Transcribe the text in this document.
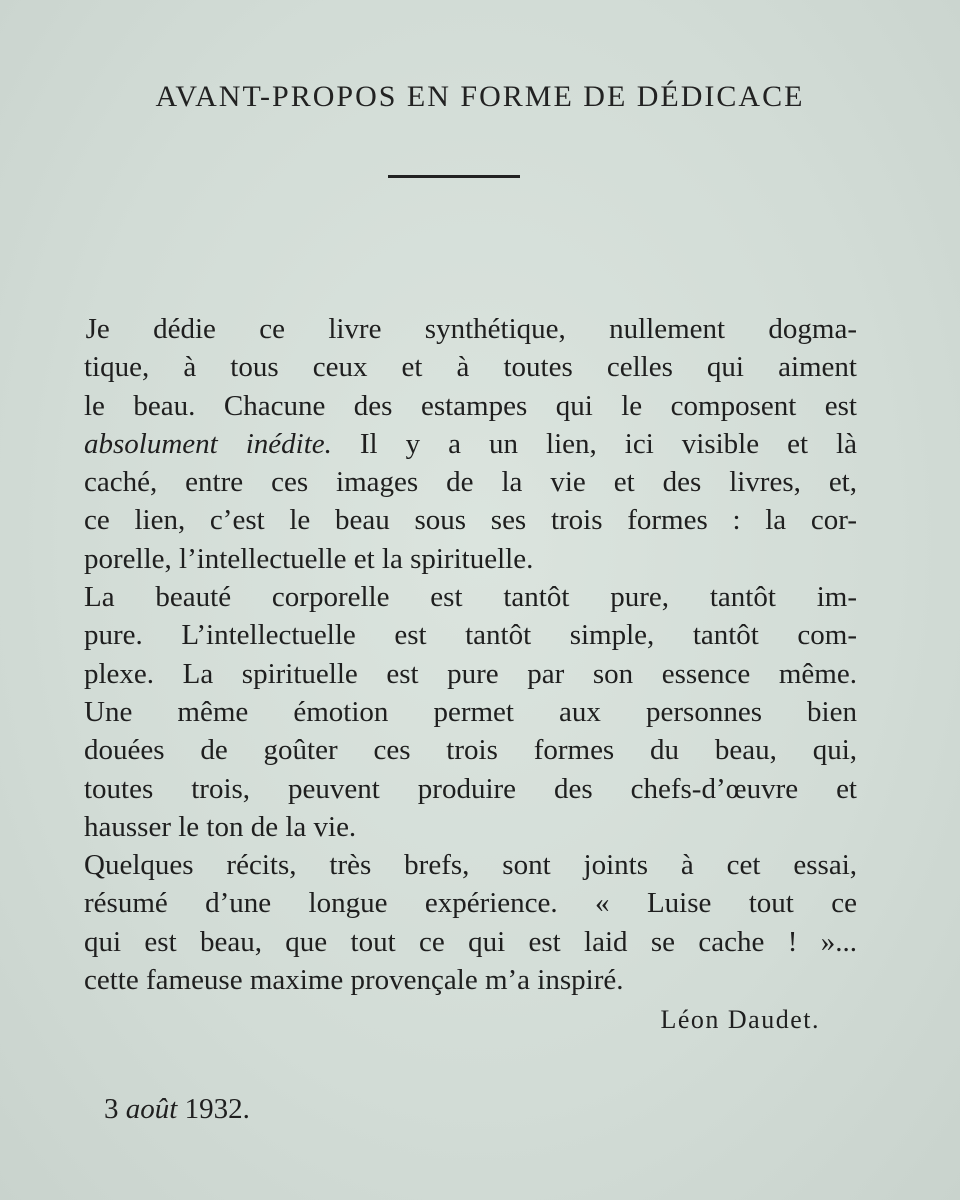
AVANT-PROPOS EN FORME DE DÉDICACE
Je dédie ce livre synthétique, nullement dogma-
tique, à tous ceux et à toutes celles qui aiment
le beau. Chacune des estampes qui le composent est
absolument inédite. Il y a un lien, ici visible et là
caché, entre ces images de la vie et des livres, et,
ce lien, c’est le beau sous ses trois formes : la cor-
porelle, l’intellectuelle et la spirituelle.
La beauté corporelle est tantôt pure, tantôt im-
pure. L’intellectuelle est tantôt simple, tantôt com-
plexe. La spirituelle est pure par son essence même.
Une même émotion permet aux personnes bien
douées de goûter ces trois formes du beau, qui,
toutes trois, peuvent produire des chefs-d’œuvre et
hausser le ton de la vie.
Quelques récits, très brefs, sont joints à cet essai,
résumé d’une longue expérience. « Luise tout ce
qui est beau, que tout ce qui est laid se cache ! »...
cette fameuse maxime provençale m’a inspiré.
Léon Daudet.
3 août 1932.
